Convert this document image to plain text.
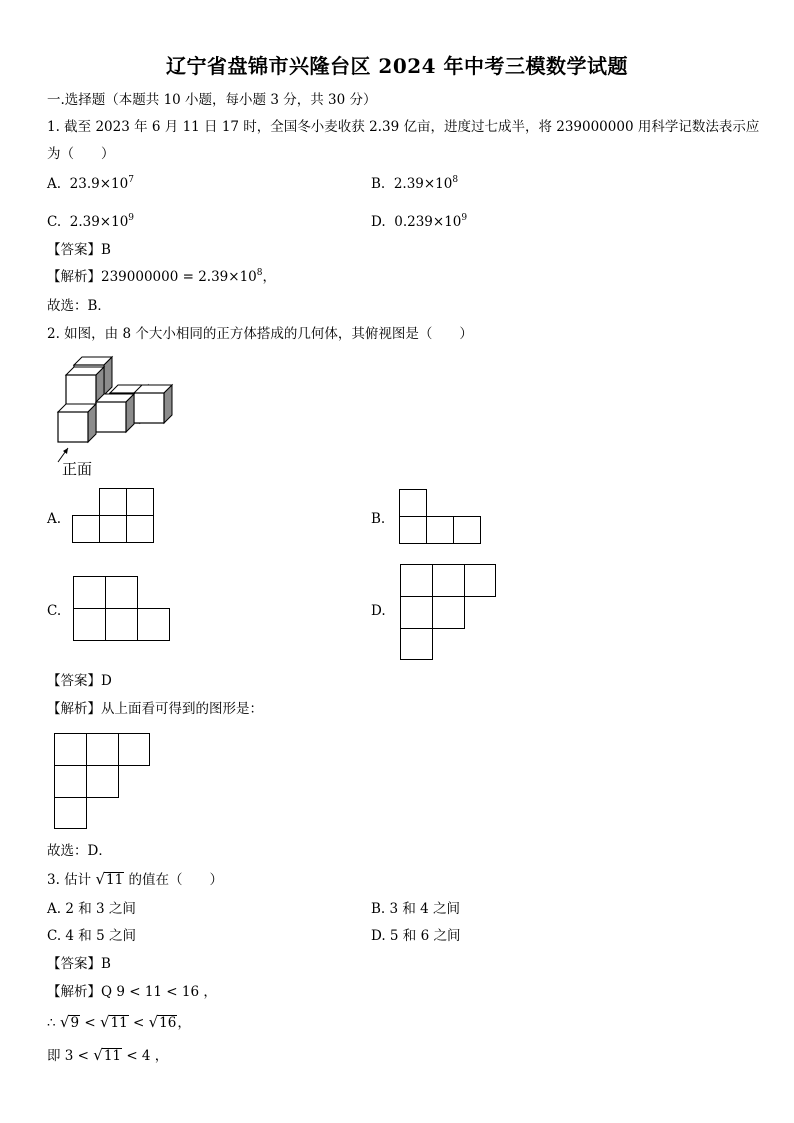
辽宁省盘锦市兴隆台区 2024 年中考三模数学试题
一.选择题（本题共 10 小题，每小题 3 分，共 30 分）
1. 截至 2023 年 6 月 11 日 17 时，全国冬小麦收获 2.39 亿亩，进度过七成半，将 239000000 用科学记数法表示应
为（　　）
A. $23.9\times 10^7$	B. $2.39\times 10^8$
C. $2.39\times 10^9$	D. $0.239\times 10^9$
【答案】B
【解析】$239000000 = 2.39\times 10^8$，
故选：B．
2. 如图，由 8 个大小相同的正方体搭成的几何体，其俯视图是（　　）
正面
A.	B.
C.	D.
【答案】D
【解析】从上面看可得到的图形是：
故选：D．
3. 估计 √11 的值在（　　）
A. 2 和 3 之间	B. 3 和 4 之间
C. 4 和 5 之间	D. 5 和 6 之间
【答案】B
【解析】Q 9 < 11 < 16 ，
∴ √9 < √11 < √16，
即 3 < √11 < 4 ，
